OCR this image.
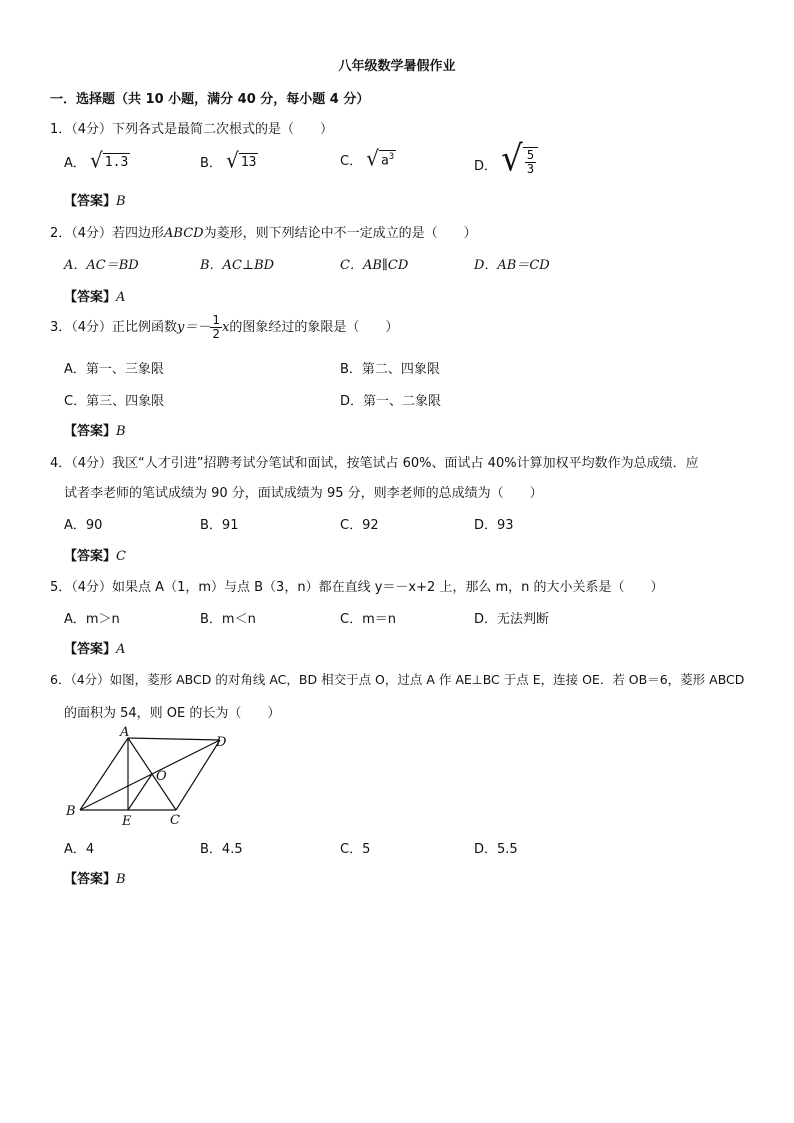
八年级数学暑假作业
一．选择题（共 10 小题，满分 40 分，每小题 4 分）
1．（4分）下列各式是最简二次根式的是（　　）
A． √ 1.3	B． √ 13	C． √ $a^3$
D． √ $\frac{5}{3}$
【答案】B
2．（4分）若四边形ABCD为菱形，则下列结论中不一定成立的是（　　）
A．AC＝BD	B．AC⊥BD	C．AB∥CD	D．AB＝CD
【答案】A
3．（4分）正比例函数$y=- \frac{1}{2}$ x的图象经过的象限是（　　）
A．第一、三象限	B．第二、四象限
C．第三、四象限	D．第一、二象限
【答案】B
4．（4分）我区“人才引进”招聘考试分笔试和面试，按笔试占 60%、面试占 40%计算加权平均数作为总成绩．应
试者李老师的笔试成绩为 90 分，面试成绩为 95 分，则李老师的总成绩为（　　）
A．90	B．91	C．92	D．93
【答案】C
5．（4分）如果点 A（1，m）与点 B（3，n）都在直线 y＝－x+2 上，那么 m，n 的大小关系是（　　）
A．m＞n	B．m＜n	C．m＝n	D．无法判断
【答案】A
6．（4分）如图，菱形 ABCD 的对角线 AC，BD 相交于点 O，过点 A 作 AE⊥BC 于点 E，连接 OE．若 OB＝6，菱形 ABCD
的面积为 54，则 OE 的长为（　　）
A
D
B
C
E
O
A．4	B．4.5	C．5	D．5.5
【答案】B
